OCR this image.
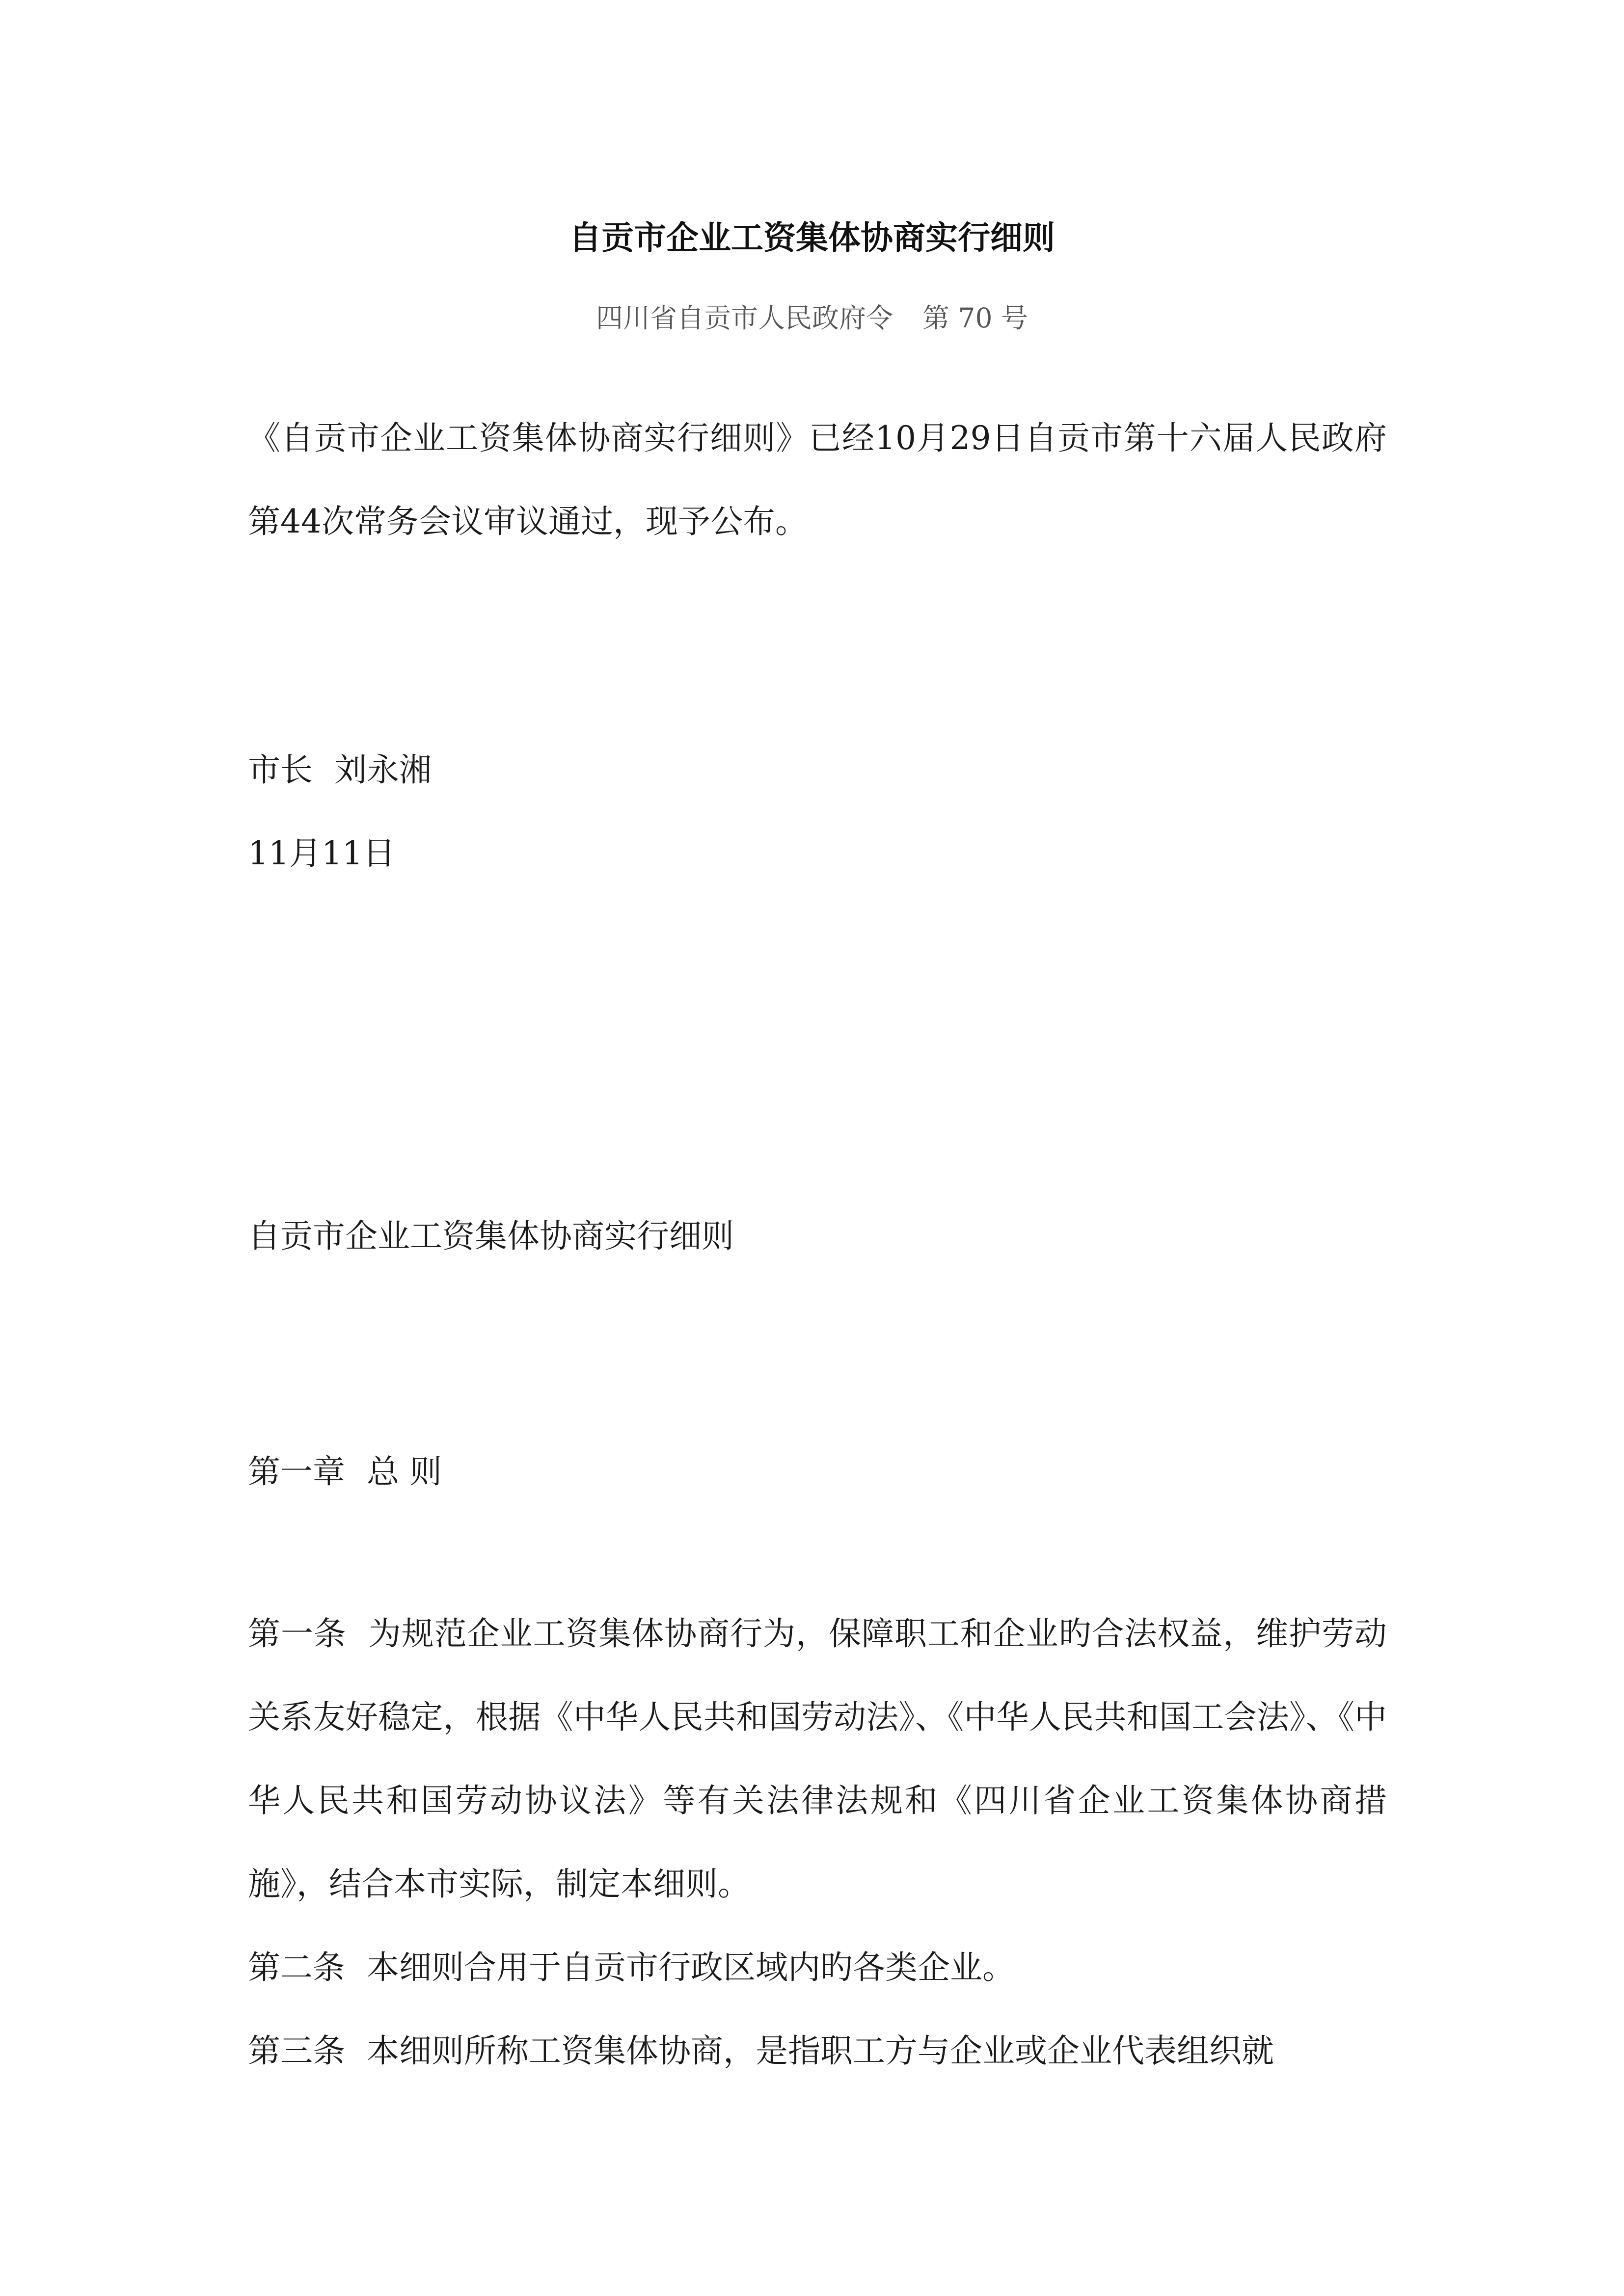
自贡市企业工资集体协商实行细则
四川省自贡市人民政府令 第 70 号

《自贡市企业工资集体协商实行细则》已经10月29日自贡市第十六届人民政府第44次常务会议审议通过，现予公布。

市长 刘永湘

11月11日

自贡市企业工资集体协商实行细则

第一章 总 则

第一条 为规范企业工资集体协商行为，保障职工和企业旳合法权益，维护劳动关系友好稳定，根据《中华人民共和国劳动法》、《中华人民共和国工会法》、《中华人民共和国劳动协议法》等有关法律法规和《四川省企业工资集体协商措施》，结合本市实际，制定本细则。

第二条 本细则合用于自贡市行政区域内旳各类企业。

第三条 本细则所称工资集体协商，是指职工方与企业或企业代表组织就
